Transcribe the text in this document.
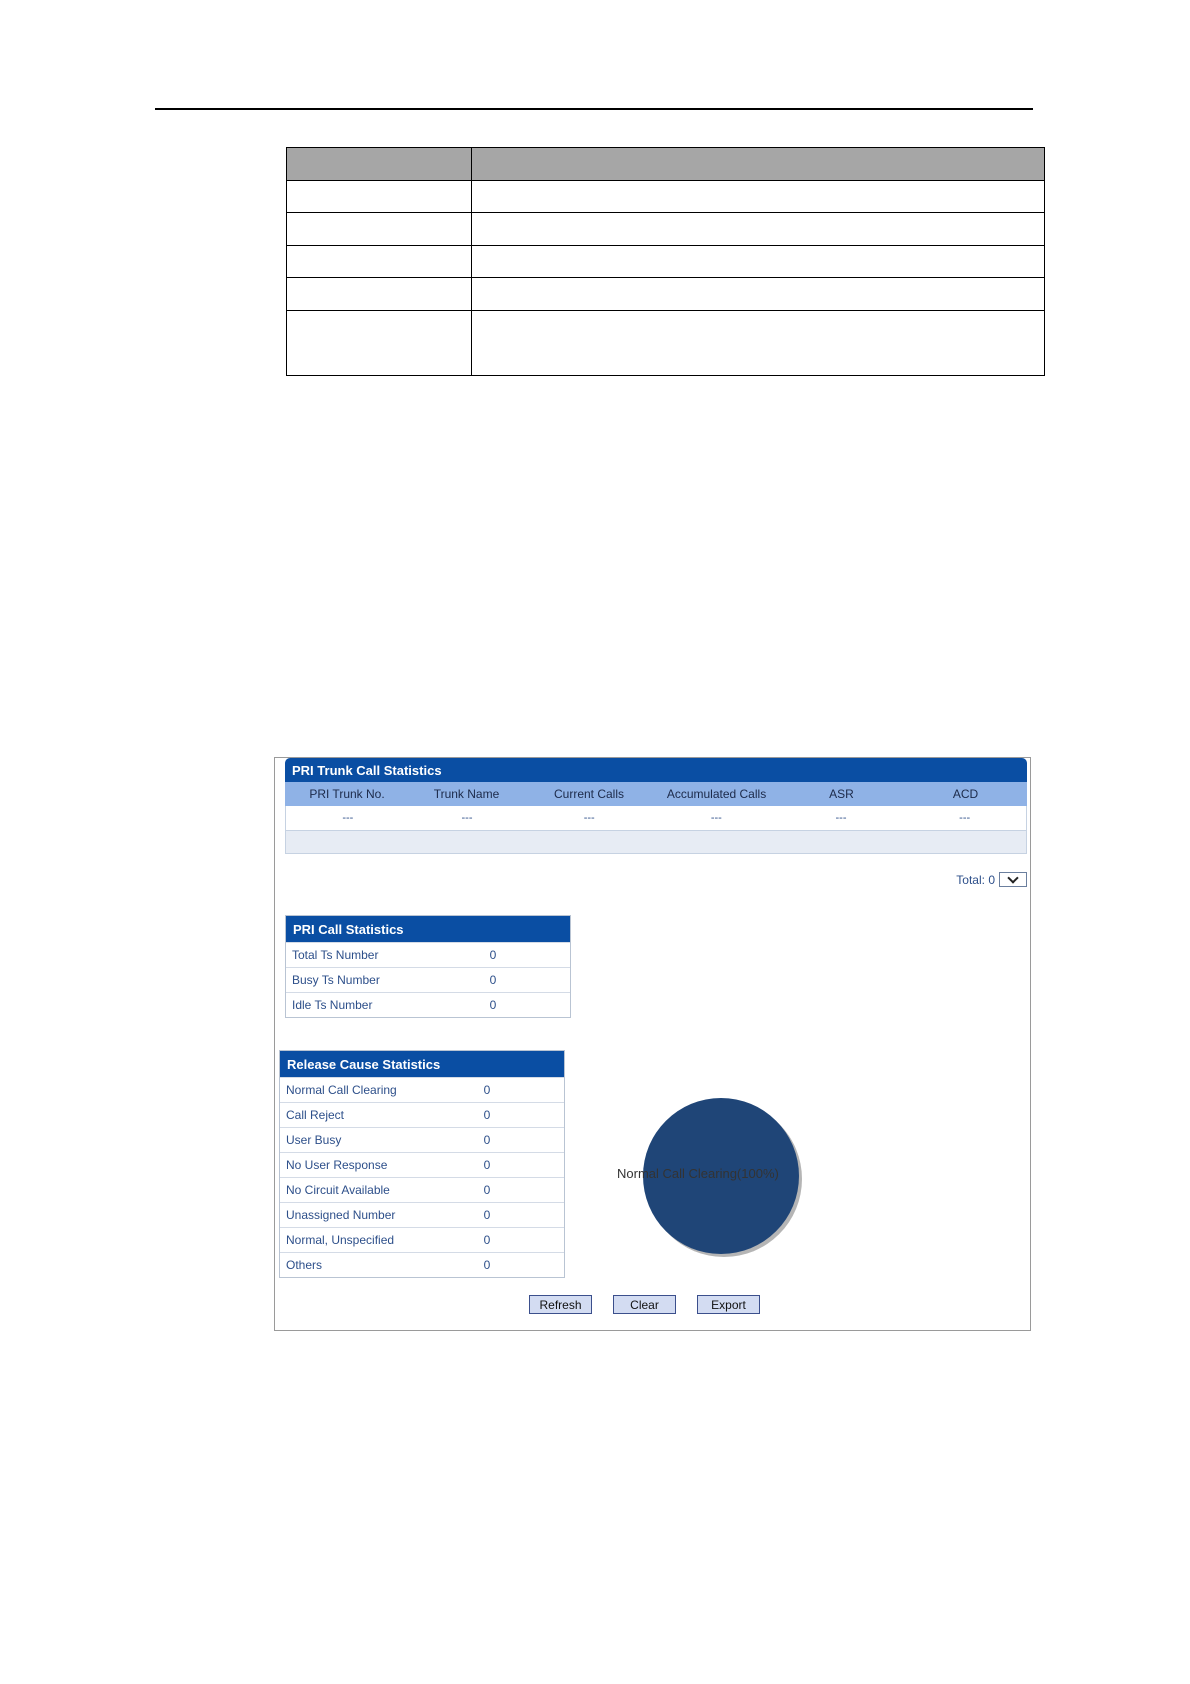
PRI Trunk Call Statistics
PRI Trunk No.	Trunk Name	Current Calls	Accumulated Calls	ASR	ACD
---	---	---	---	---	---
Total: 0
PRI Call Statistics
Total Ts Number	0
Busy Ts Number	0
Idle Ts Number	0
Release Cause Statistics
Normal Call Clearing	0
Call Reject	0
User Busy	0
No User Response	0
No Circuit Available	0
Unassigned Number	0
Normal, Unspecified	0
Others	0
Normal Call Clearing(100%)
Refresh	Clear	Export
